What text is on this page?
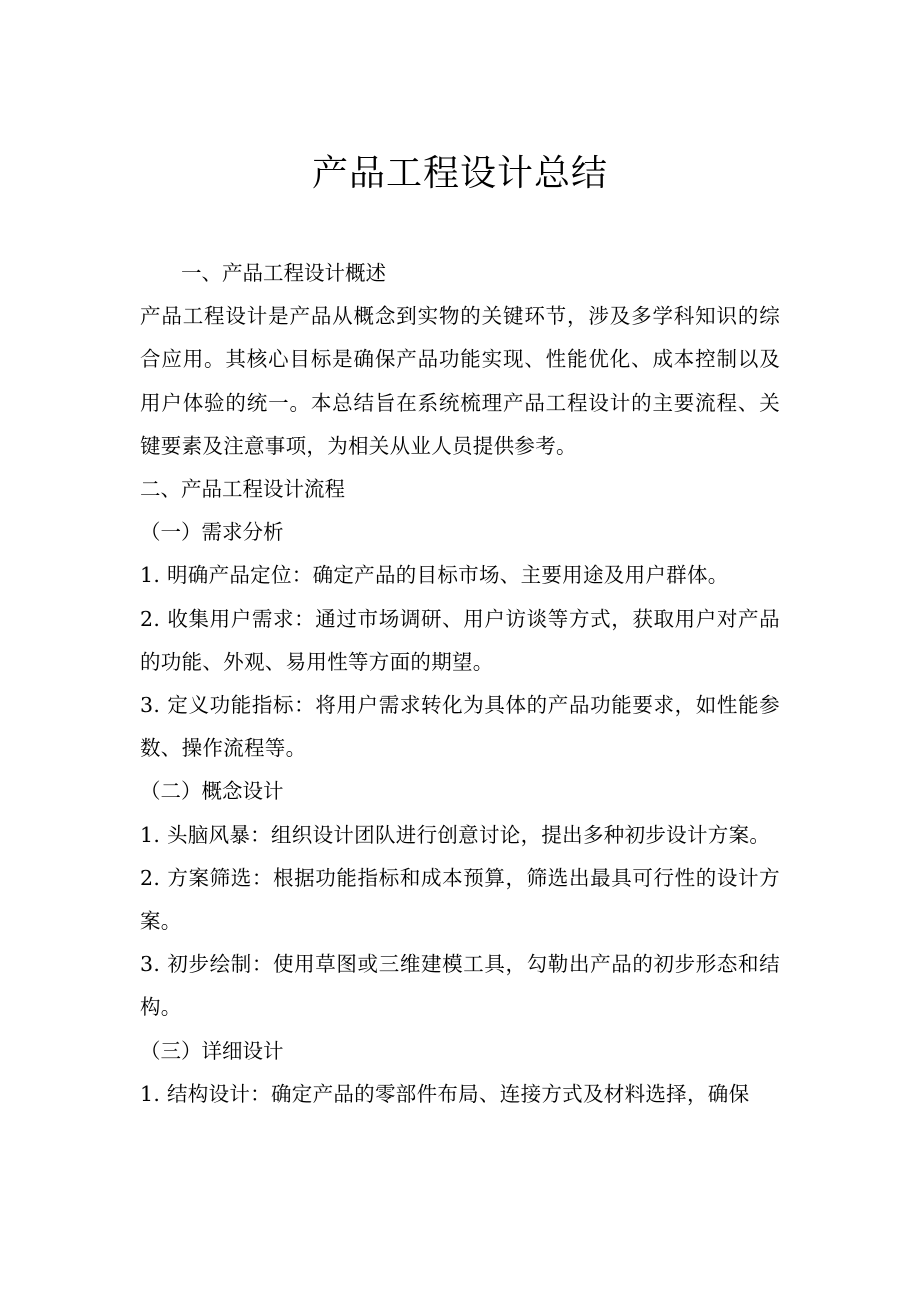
产品工程设计总结

一、产品工程设计概述

产品工程设计是产品从概念到实物的关键环节，涉及多学科知识的综合应用。其核心目标是确保产品功能实现、性能优化、成本控制以及用户体验的统一。本总结旨在系统梳理产品工程设计的主要流程、关键要素及注意事项，为相关从业人员提供参考。

二、产品工程设计流程

（一）需求分析

1. 明确产品定位：确定产品的目标市场、主要用途及用户群体。

2. 收集用户需求：通过市场调研、用户访谈等方式，获取用户对产品的功能、外观、易用性等方面的期望。

3. 定义功能指标：将用户需求转化为具体的产品功能要求，如性能参数、操作流程等。

（二）概念设计

1. 头脑风暴：组织设计团队进行创意讨论，提出多种初步设计方案。

2. 方案筛选：根据功能指标和成本预算，筛选出最具可行性的设计方案。

3. 初步绘制：使用草图或三维建模工具，勾勒出产品的初步形态和结构。

（三）详细设计

1. 结构设计：确定产品的零部件布局、连接方式及材料选择，确保
